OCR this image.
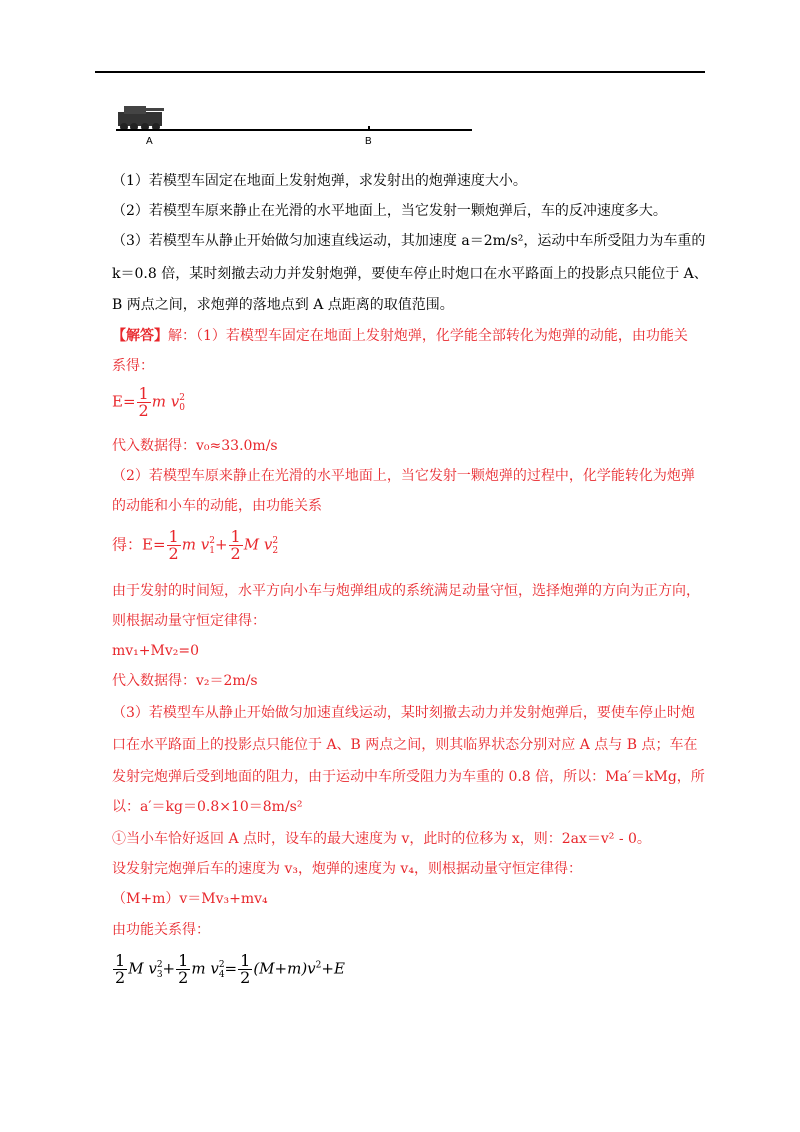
A	B
（1）若模型车固定在地面上发射炮弹，求发射出的炮弹速度大小。
（2）若模型车原来静止在光滑的水平地面上，当它发射一颗炮弹后，车的反冲速度多大。
（3）若模型车从静止开始做匀加速直线运动，其加速度 a＝2m/s²，运动中车所受阻力为车重的
k＝0.8 倍，某时刻撤去动力并发射炮弹，要使车停止时炮口在水平路面上的投影点只能位于 A、
B 两点之间，求炮弹的落地点到 A 点距离的取值范围。
【解答】解：（1）若模型车固定在地面上发射炮弹，化学能全部转化为炮弹的动能，由功能关
系得：
$E= \frac{1}{2}$ m v 2
0
代入数据得：v₀≈33.0m/s
（2）若模型车原来静止在光滑的水平地面上，当它发射一颗炮弹的过程中，化学能转化为炮弹
的动能和小车的动能，由功能关系
得：$E= \frac{1}{2}$ m v 2
$1 + \frac{1}{2}$ M v 2
2
由于发射的时间短，水平方向小车与炮弹组成的系统满足动量守恒，选择炮弹的方向为正方向，
则根据动量守恒定律得：
mv₁+Mv₂=0
代入数据得：v₂＝2m/s
（3）若模型车从静止开始做匀加速直线运动，某时刻撤去动力并发射炮弹后，要使车停止时炮
口在水平路面上的投影点只能位于 A、B 两点之间，则其临界状态分别对应 A 点与 B 点；车在
发射完炮弹后受到地面的阻力，由于运动中车所受阻力为车重的 0.8 倍，所以：Ma′＝kMg，所
以：a′＝kg＝0.8×10＝8m/s²
①当小车恰好返回 A 点时，设车的最大速度为 v，此时的位移为 x，则：2ax＝v² - 0。
设发射完炮弹后车的速度为 v₃，炮弹的速度为 v₄，则根据动量守恒定律得：
（M+m）v＝Mv₃+mv₄
由功能关系得：
$\frac{1}{2}$ M v 2
$3 + \frac{1}{2}$ m v 2
$4 = \frac{1}{2} (M+m)v^2+E$
